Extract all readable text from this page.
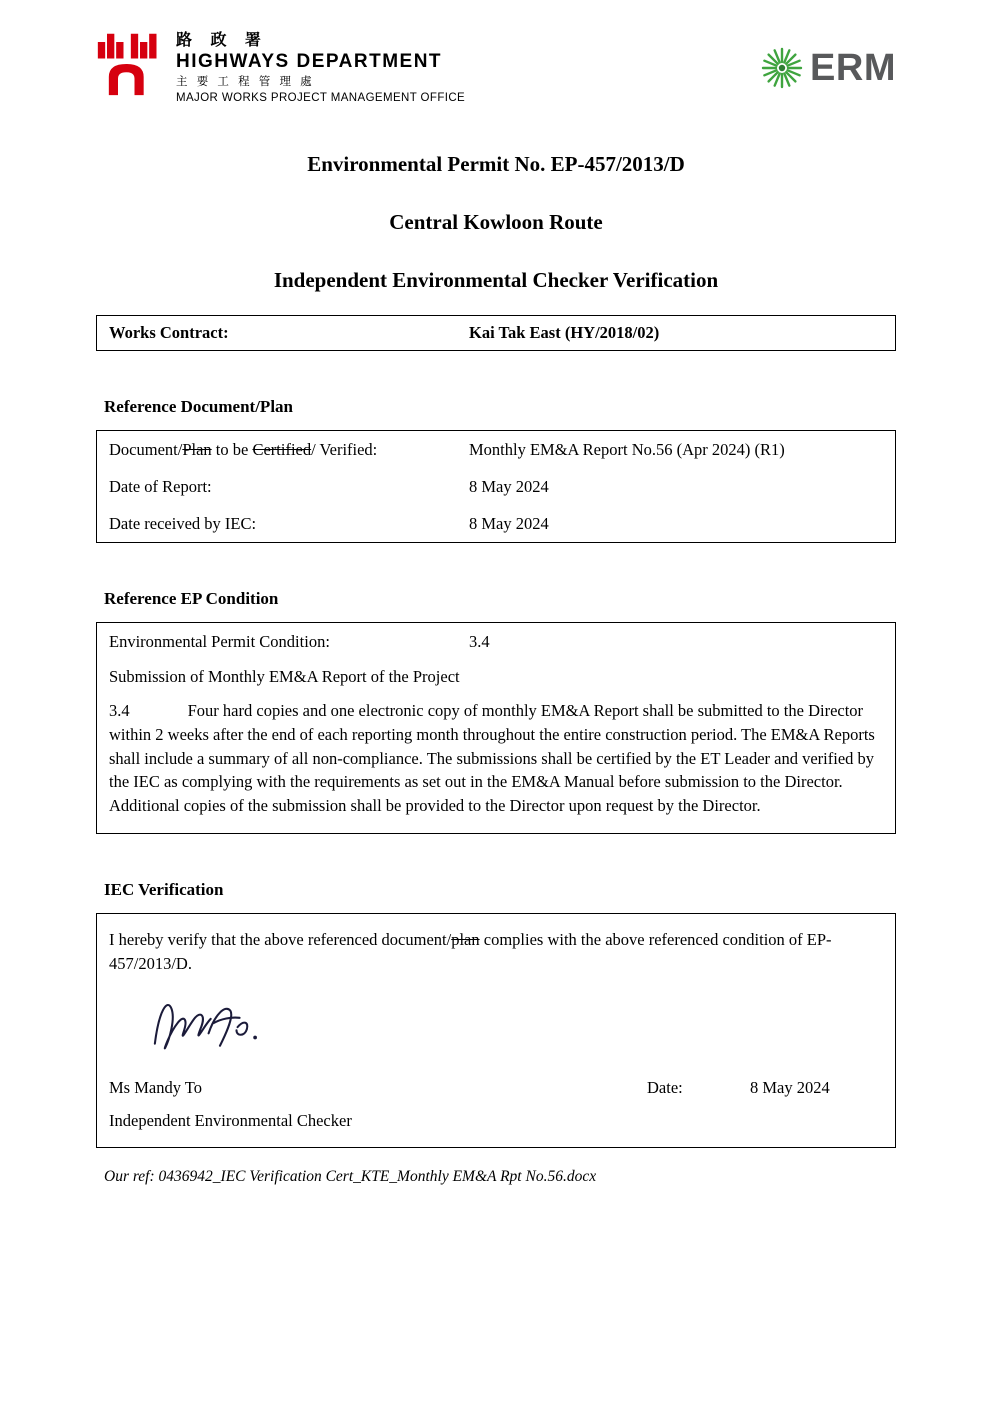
路 政 署
HIGHWAYS DEPARTMENT
主 要 工 程 管 理 處
MAJOR WORKS PROJECT MANAGEMENT OFFICE
ERM
Environmental Permit No. EP-457/2013/D
Central Kowloon Route
Independent Environmental Checker Verification
Works Contract:	Kai Tak East (HY/2018/02)
Reference Document/Plan
Document/Plan to be Certified/ Verified:	Monthly EM&A Report No.56 (Apr 2024) (R1)
Date of Report:	8 May 2024
Date received by IEC:	8 May 2024
Reference EP Condition
Environmental Permit Condition:	3.4
Submission of Monthly EM&A Report of the Project
3.4	Four hard copies and one electronic copy of monthly EM&A Report shall be submitted to the Director within 2 weeks after the end of each reporting month throughout the entire construction period. The EM&A Reports shall include a summary of all non-compliance. The submissions shall be certified by the ET Leader and verified by the IEC as complying with the requirements as set out in the EM&A Manual before submission to the Director. Additional copies of the submission shall be provided to the Director upon request by the Director.
IEC Verification
I hereby verify that the above referenced document/plan complies with the above referenced condition of EP-457/2013/D.
Ms Mandy To	Date:	8 May 2024
Independent Environmental Checker
Our ref: 0436942_IEC Verification Cert_KTE_Monthly EM&A Rpt No.56.docx
